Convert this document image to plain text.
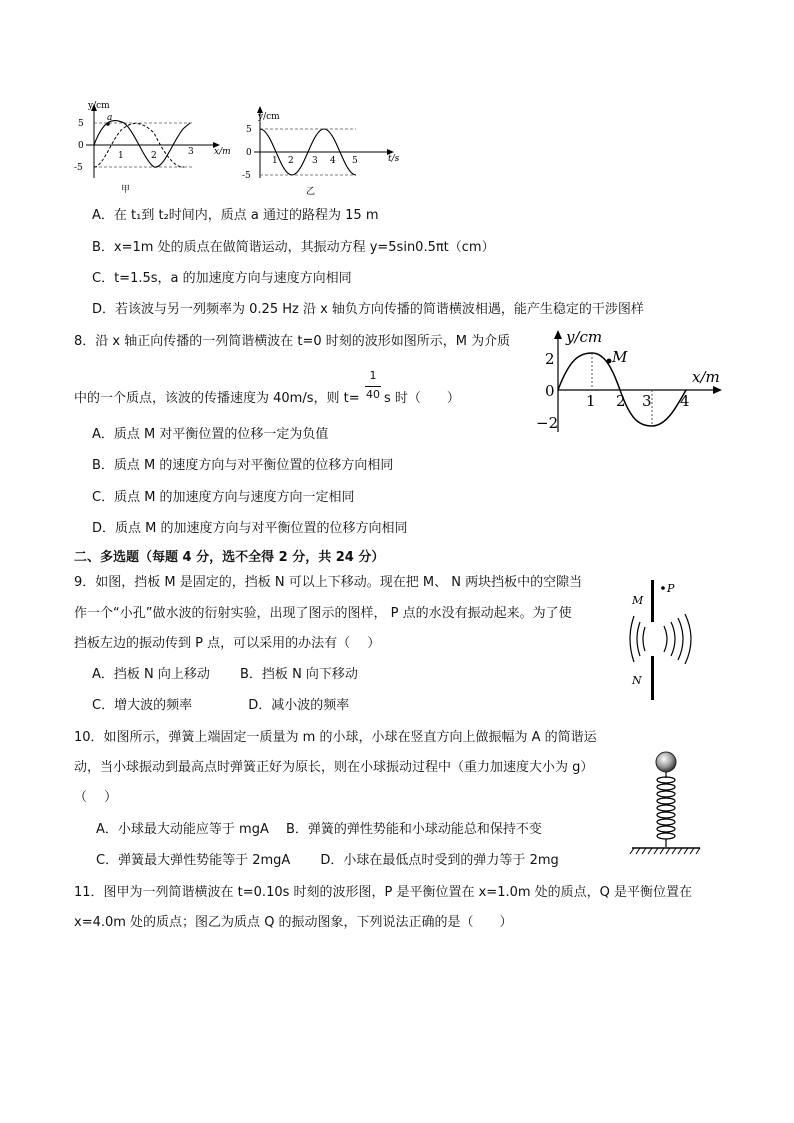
y/cm
5
0
-5
1	2	3 x/m
a
甲
y/cm
5
0
-5
1 2 3 4 5	t/s
乙
A．在 t₁到 t₂时间内，质点 a 通过的路程为 15 m
B．x=1m 处的质点在做简谐运动，其振动方程 y=5sin0.5πt（cm）
C．t=1.5s，a 的加速度方向与速度方向相同
D．若该波与另一列频率为 0.25 Hz 沿 x 轴负方向传播的简谐横波相遇，能产生稳定的干涉图样
8．沿 x 轴正向传播的一列简谐横波在 t=0 时刻的波形如图所示，M 为介质
中的一个质点，该波的传播速度为 40m/s，则 t=
1
40 s 时（　　）
A．质点 M 对平衡位置的位移一定为负值
B．质点 M 的速度方向与对平衡位置的位移方向相同
C．质点 M 的加速度方向与速度方向一定相同
D．质点 M 的加速度方向与对平衡位置的位移方向相同
y/cm
2
0
−2
1 2 3 4
x/m
M
二、多选题（每题 4 分，选不全得 2 分，共 24 分）
9．如图，挡板 M 是固定的，挡板 N 可以上下移动。现在把 M、 N 两块挡板中的空隙当
作一个“小孔”做水波的衍射实验，出现了图示的图样， P 点的水没有振动起来。为了使
挡板左边的振动传到 P 点，可以采用的办法有（　 ）
A．挡板 N 向上移动　　 B．挡板 N 向下移动
C．增大波的频率　　　　 D．减小波的频率
P
M
N
10．如图所示，弹簧上端固定一质量为 m 的小球，小球在竖直方向上做振幅为 A 的简谐运
动，当小球振动到最高点时弹簧正好为原长，则在小球振动过程中（重力加速度大小为 g）
（　 ）
A．小球最大动能应等于 mgA　 B．弹簧的弹性势能和小球动能总和保持不变
C．弹簧最大弹性势能等于 2mgA　　 D．小球在最低点时受到的弹力等于 2mg
11．图甲为一列简谐横波在 t=0.10s 时刻的波形图，P 是平衡位置在 x=1.0m 处的质点，Q 是平衡位置在
x=4.0m 处的质点；图乙为质点 Q 的振动图象，下列说法正确的是（　　）
